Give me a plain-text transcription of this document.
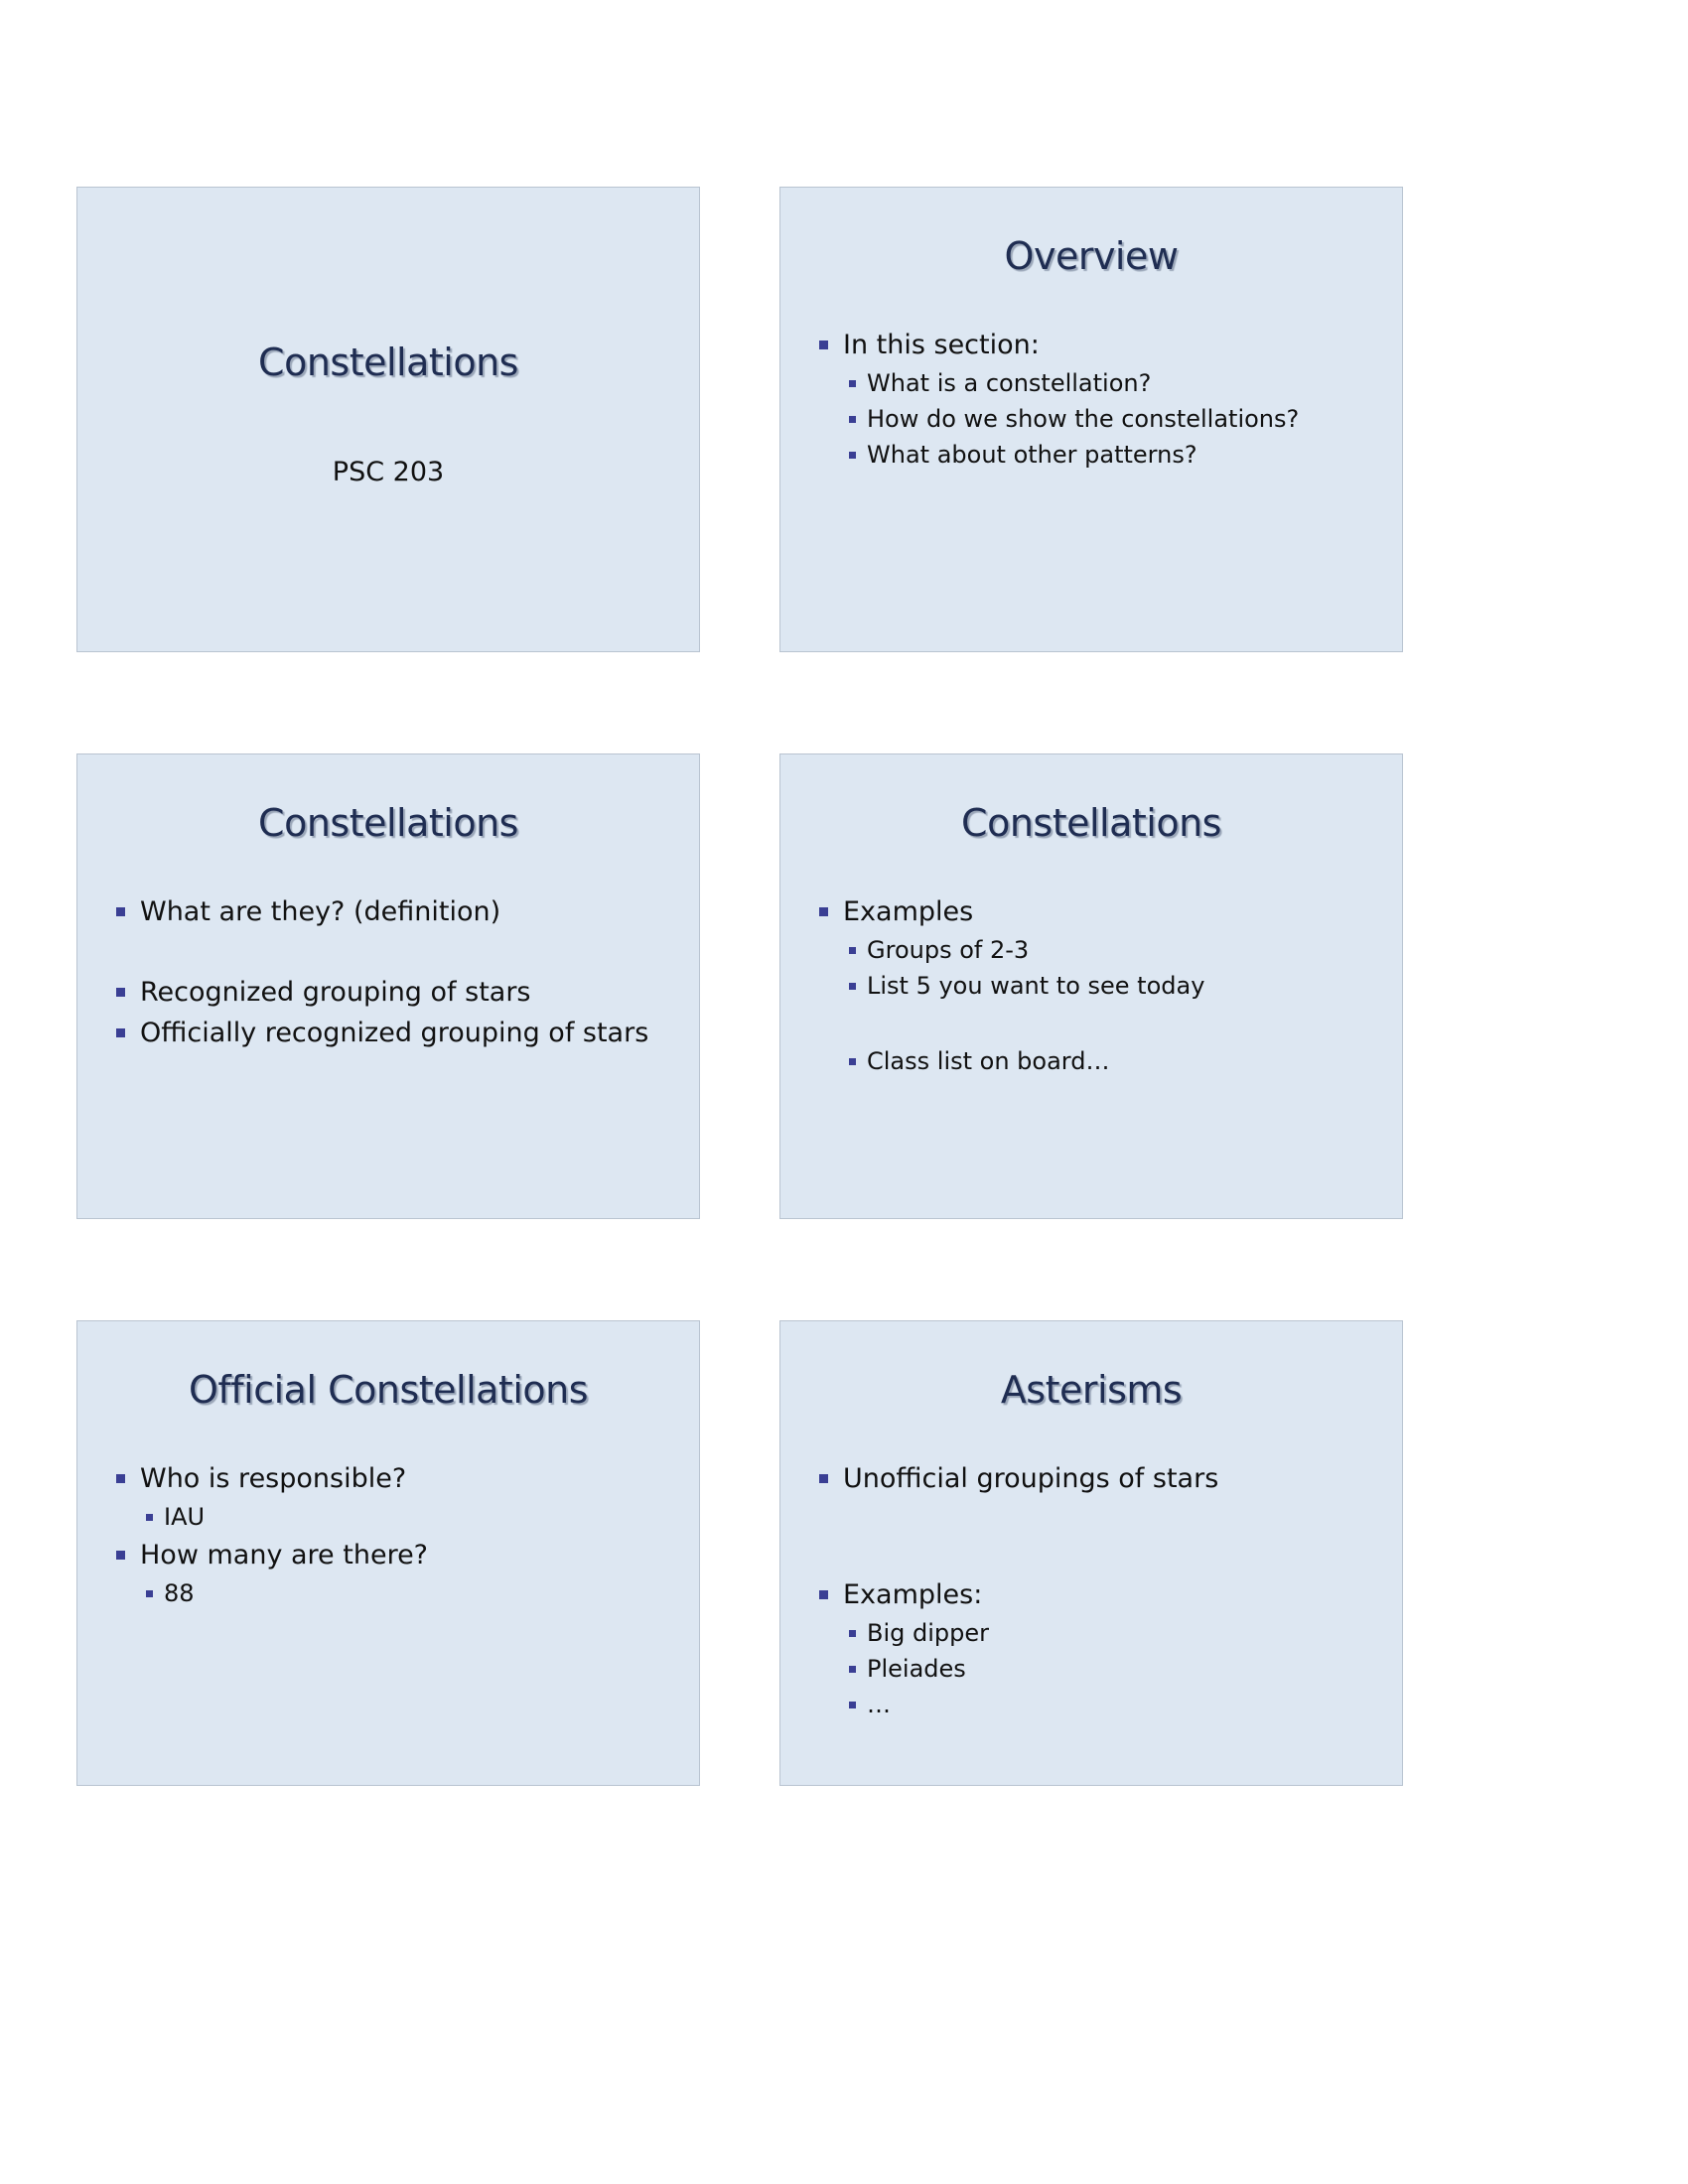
Constellations
PSC 203
Overview
In this section:
What is a constellation?
How do we show the constellations?
What about other patterns?
Constellations
What are they? (definition)
Recognized grouping of stars
Officially recognized grouping of stars
Constellations
Examples
Groups of 2-3
List 5 you want to see today
Class list on board…
Official Constellations
Who is responsible?
IAU
How many are there?
88
Asterisms
Unofficial groupings of stars
Examples:
Big dipper
Pleiades
…
